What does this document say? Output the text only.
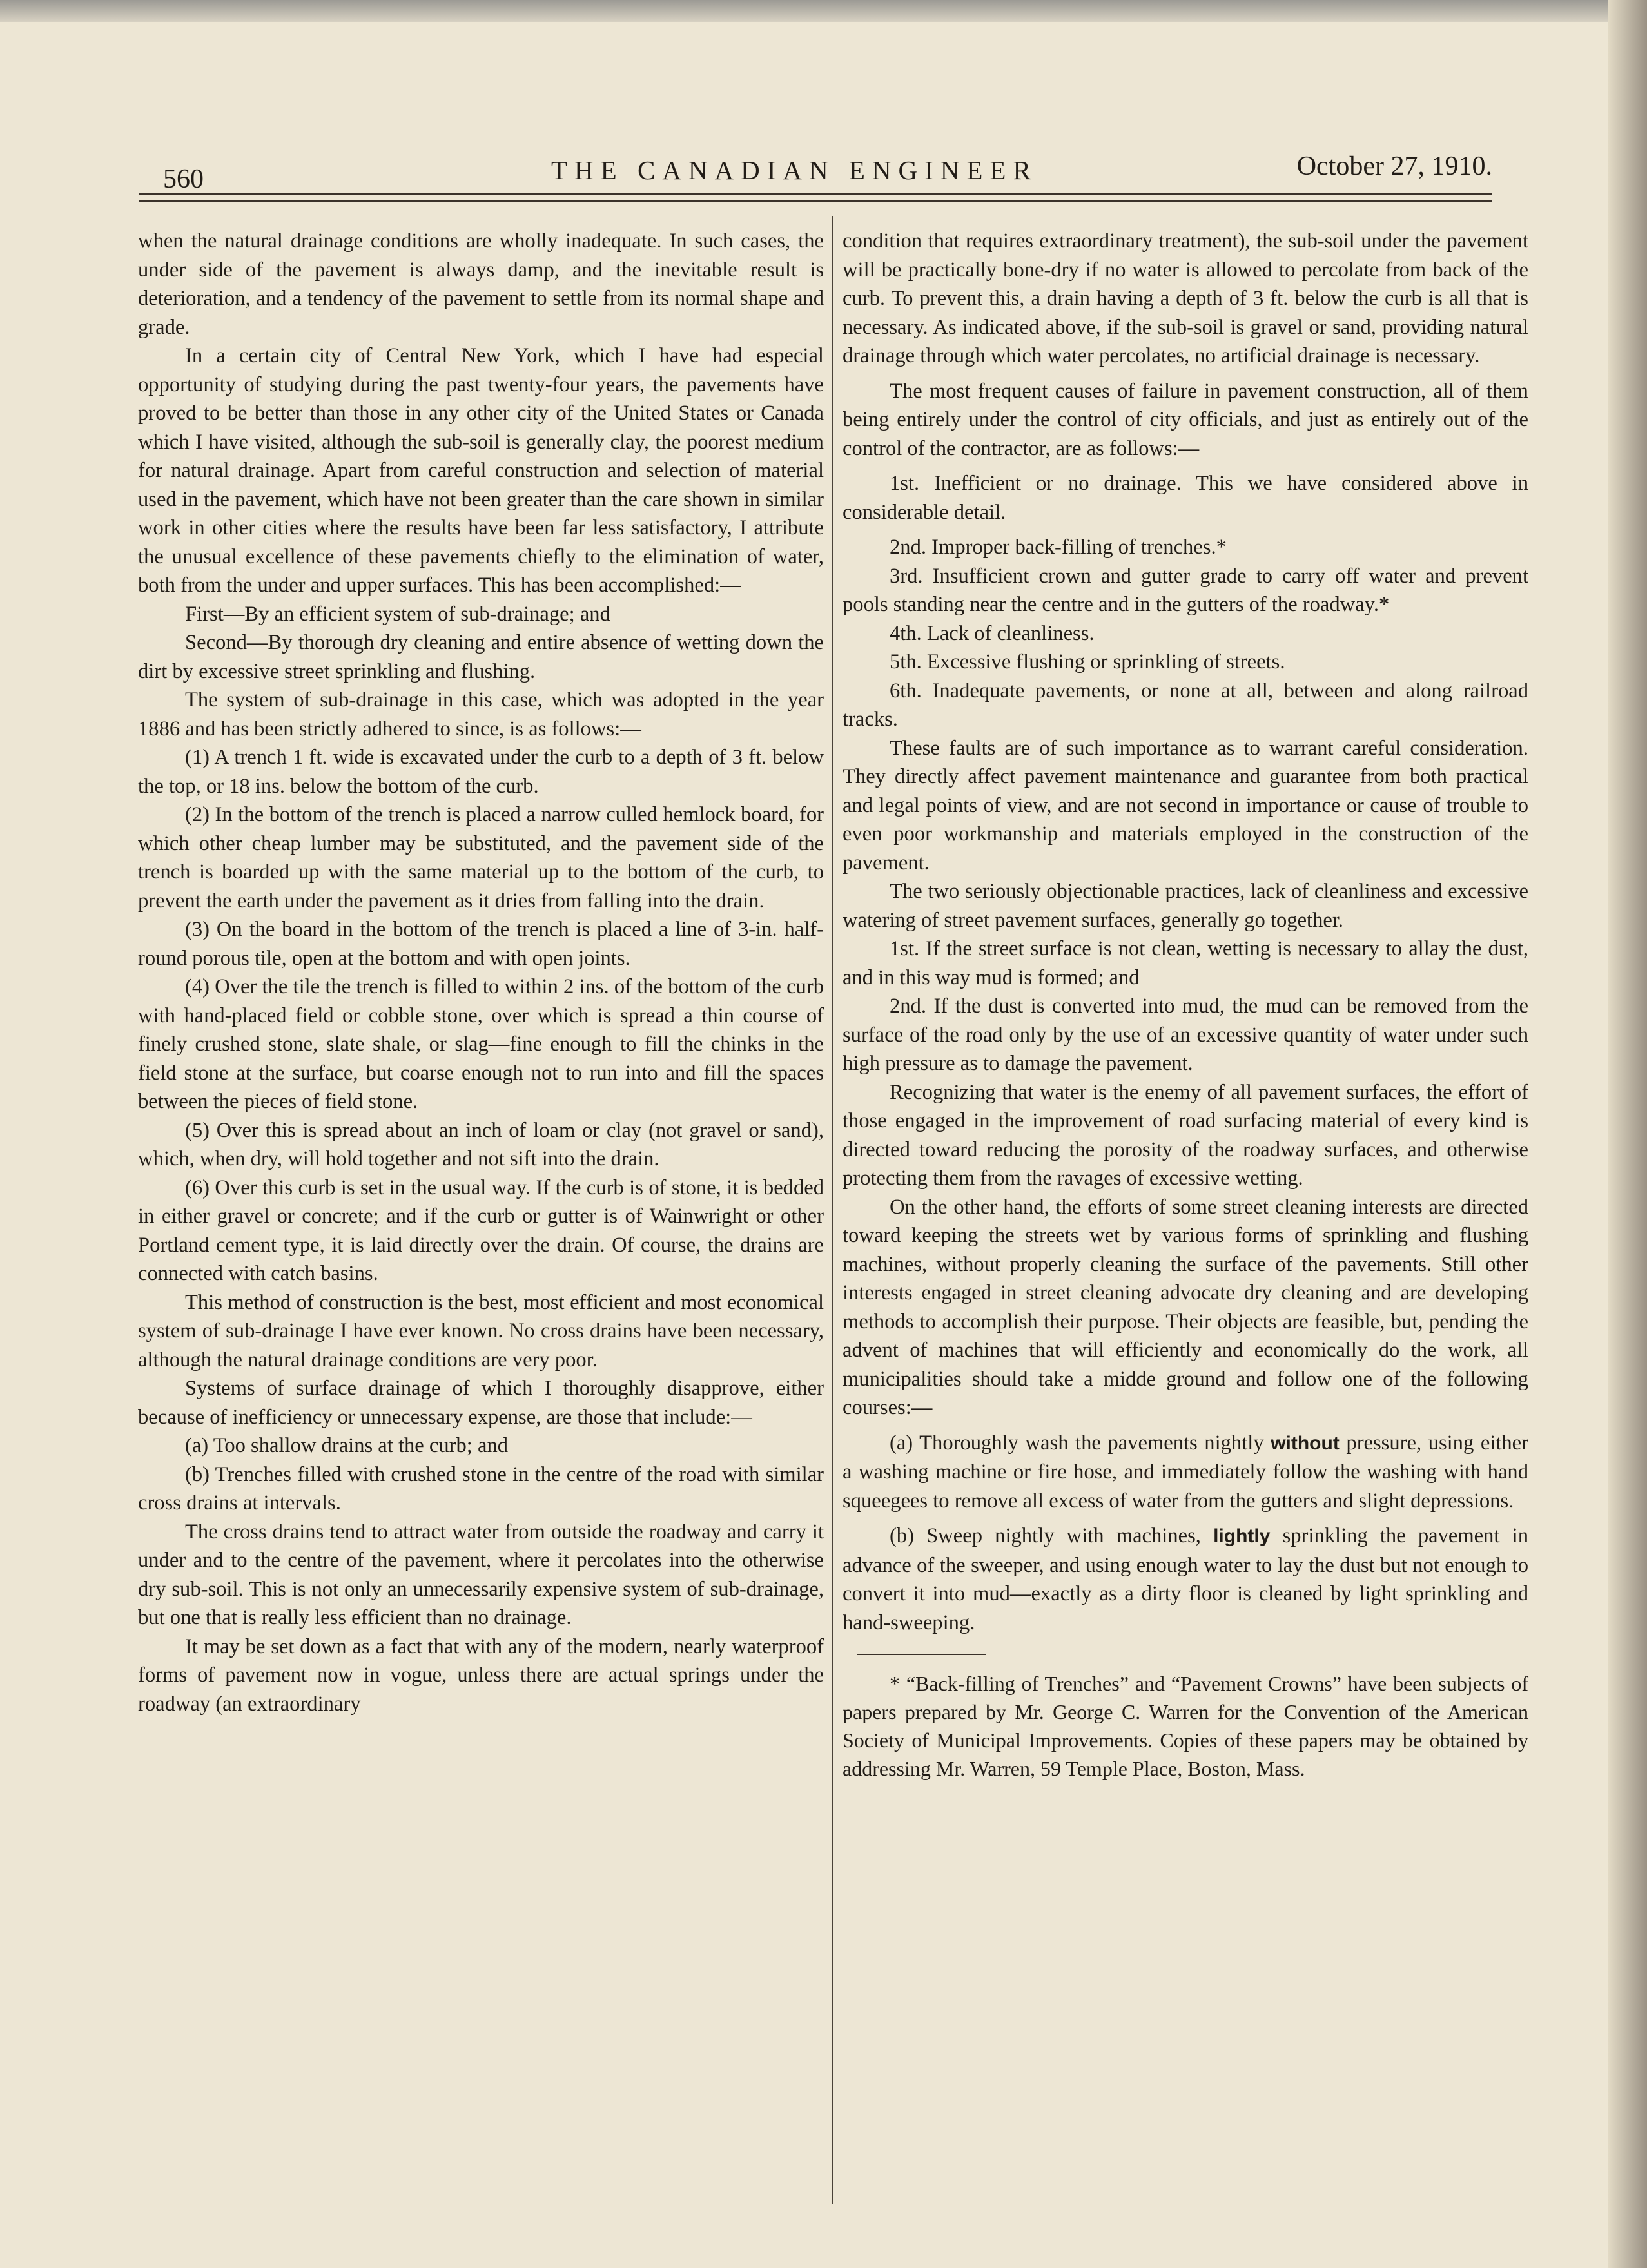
560	THE CANADIAN ENGINEER	October 27, 1910.

when the natural drainage conditions are wholly inadequate. In such cases, the under side of the pavement is always damp, and the inevitable result is deterioration, and a tendency of the pavement to settle from its normal shape and grade.

In a certain city of Central New York, which I have had especial opportunity of studying during the past twenty-four years, the pavements have proved to be better than those in any other city of the United States or Canada which I have visited, although the sub-soil is generally clay, the poorest medium for natural drainage. Apart from careful construction and selection of material used in the pavement, which have not been greater than the care shown in similar work in other cities where the results have been far less satisfactory, I attribute the unusual excellence of these pavements chiefly to the elimination of water, both from the under and upper surfaces. This has been accomplished:—

First—By an efficient system of sub-drainage; and

Second—By thorough dry cleaning and entire absence of wetting down the dirt by excessive street sprinkling and flushing.

The system of sub-drainage in this case, which was adopted in the year 1886 and has been strictly adhered to since, is as follows:—

(1) A trench 1 ft. wide is excavated under the curb to a depth of 3 ft. below the top, or 18 ins. below the bottom of the curb.

(2) In the bottom of the trench is placed a narrow culled hemlock board, for which other cheap lumber may be substituted, and the pavement side of the trench is boarded up with the same material up to the bottom of the curb, to prevent the earth under the pavement as it dries from falling into the drain.

(3) On the board in the bottom of the trench is placed a line of 3-in. half-round porous tile, open at the bottom and with open joints.

(4) Over the tile the trench is filled to within 2 ins. of the bottom of the curb with hand-placed field or cobble stone, over which is spread a thin course of finely crushed stone, slate shale, or slag—fine enough to fill the chinks in the field stone at the surface, but coarse enough not to run into and fill the spaces between the pieces of field stone.

(5) Over this is spread about an inch of loam or clay (not gravel or sand), which, when dry, will hold together and not sift into the drain.

(6) Over this curb is set in the usual way. If the curb is of stone, it is bedded in either gravel or concrete; and if the curb or gutter is of Wainwright or other Portland cement type, it is laid directly over the drain. Of course, the drains are connected with catch basins.

This method of construction is the best, most efficient and most economical system of sub-drainage I have ever known. No cross drains have been necessary, although the natural drainage conditions are very poor.

Systems of surface drainage of which I thoroughly disapprove, either because of inefficiency or unnecessary expense, are those that include:—

(a) Too shallow drains at the curb; and

(b) Trenches filled with crushed stone in the centre of the road with similar cross drains at intervals.

The cross drains tend to attract water from outside the roadway and carry it under and to the centre of the pavement, where it percolates into the otherwise dry sub-soil. This is not only an unnecessarily expensive system of sub-drainage, but one that is really less efficient than no drainage.

It may be set down as a fact that with any of the modern, nearly waterproof forms of pavement now in vogue, unless there are actual springs under the roadway (an extraordinary

condition that requires extraordinary treatment), the sub-soil under the pavement will be practically bone-dry if no water is allowed to percolate from back of the curb. To prevent this, a drain having a depth of 3 ft. below the curb is all that is necessary. As indicated above, if the sub-soil is gravel or sand, providing natural drainage through which water percolates, no artificial drainage is necessary.

The most frequent causes of failure in pavement construction, all of them being entirely under the control of city officials, and just as entirely out of the control of the contractor, are as follows:—

1st. Inefficient or no drainage. This we have considered above in considerable detail.

2nd. Improper back-filling of trenches.*

3rd. Insufficient crown and gutter grade to carry off water and prevent pools standing near the centre and in the gutters of the roadway.*

4th. Lack of cleanliness.

5th. Excessive flushing or sprinkling of streets.

6th. Inadequate pavements, or none at all, between and along railroad tracks.

These faults are of such importance as to warrant careful consideration. They directly affect pavement maintenance and guarantee from both practical and legal points of view, and are not second in importance or cause of trouble to even poor workmanship and materials employed in the construction of the pavement.

The two seriously objectionable practices, lack of cleanliness and excessive watering of street pavement surfaces, generally go together.

1st. If the street surface is not clean, wetting is necessary to allay the dust, and in this way mud is formed; and

2nd. If the dust is converted into mud, the mud can be removed from the surface of the road only by the use of an excessive quantity of water under such high pressure as to damage the pavement.

Recognizing that water is the enemy of all pavement surfaces, the effort of those engaged in the improvement of road surfacing material of every kind is directed toward reducing the porosity of the roadway surfaces, and otherwise protecting them from the ravages of excessive wetting.

On the other hand, the efforts of some street cleaning interests are directed toward keeping the streets wet by various forms of sprinkling and flushing machines, without properly cleaning the surface of the pavements. Still other interests engaged in street cleaning advocate dry cleaning and are developing methods to accomplish their purpose. Their objects are feasible, but, pending the advent of machines that will efficiently and economically do the work, all municipalities should take a midde ground and follow one of the following courses:—

(a) Thoroughly wash the pavements nightly without pressure, using either a washing machine or fire hose, and immediately follow the washing with hand squeegees to remove all excess of water from the gutters and slight depressions.

(b) Sweep nightly with machines, lightly sprinkling the pavement in advance of the sweeper, and using enough water to lay the dust but not enough to convert it into mud—exactly as a dirty floor is cleaned by light sprinkling and hand-sweeping.

* “Back-filling of Trenches” and “Pavement Crowns” have been subjects of papers prepared by Mr. George C. Warren for the Convention of the American Society of Municipal Improvements. Copies of these papers may be obtained by addressing Mr. Warren, 59 Temple Place, Boston, Mass.
